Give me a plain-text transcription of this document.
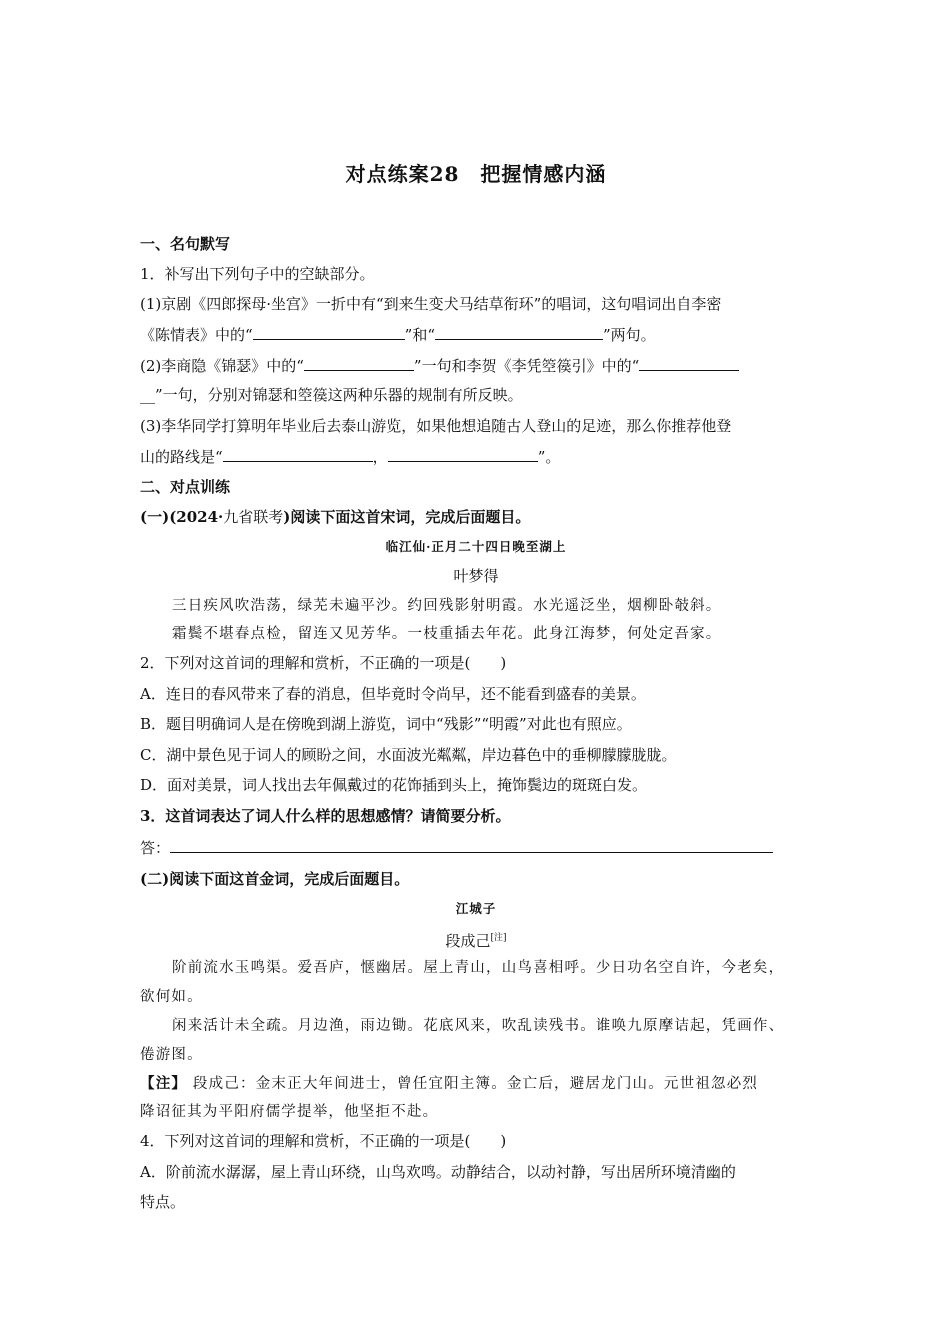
对点练案28　把握情感内涵
一、名句默写
1．补写出下列句子中的空缺部分。
(1)京剧《四郎探母·坐宫》一折中有“到来生变犬马结草衔环”的唱词，这句唱词出自李密
《陈情表》中的“	”和“	”两句。
(2)李商隐《锦瑟》中的“	”一句和李贺《李凭箜篌引》中的“
__”一句，分别对锦瑟和箜篌这两种乐器的规制有所反映。
(3)李华同学打算明年毕业后去泰山游览，如果他想追随古人登山的足迹，那么你推荐他登
山的路线是“	，	”。
二、对点训练
(一)(2024·九省联考)阅读下面这首宋词，完成后面题目。
临江仙·正月二十四日晚至湖上
叶梦得
三日疾风吹浩荡，绿芜未遍平沙。约回残影射明霞。水光遥泛坐，烟柳卧攲斜。
霜鬓不堪春点检，留连又见芳华。一枝重插去年花。此身江海梦，何处定吾家。
2．下列对这首词的理解和赏析，不正确的一项是( )
A．连日的春风带来了春的消息，但毕竟时令尚早，还不能看到盛春的美景。
B．题目明确词人是在傍晚到湖上游览，词中“残影”“明霞”对此也有照应。
C．湖中景色见于词人的顾盼之间，水面波光粼粼，岸边暮色中的垂柳朦朦胧胧。
D．面对美景，词人找出去年佩戴过的花饰插到头上，掩饰鬓边的斑斑白发。
3．这首词表达了词人什么样的思想感情？请简要分析。
答：
(二)阅读下面这首金词，完成后面题目。
江城子
段成己[注]
阶前流水玉鸣渠。爱吾庐，惬幽居。屋上青山，山鸟喜相呼。少日功名空自许，今老矣，
欲何如。
闲来活计未全疏。月边渔，雨边锄。花底风来，吹乱读残书。谁唤九原摩诘起，凭画作、
倦游图。
【注】 段成己：金末正大年间进士，曾任宜阳主簿。金亡后，避居龙门山。元世祖忽必烈
降诏征其为平阳府儒学提举，他坚拒不赴。
4．下列对这首词的理解和赏析，不正确的一项是( )
A．阶前流水潺潺，屋上青山环绕，山鸟欢鸣。动静结合，以动衬静，写出居所环境清幽的
特点。
